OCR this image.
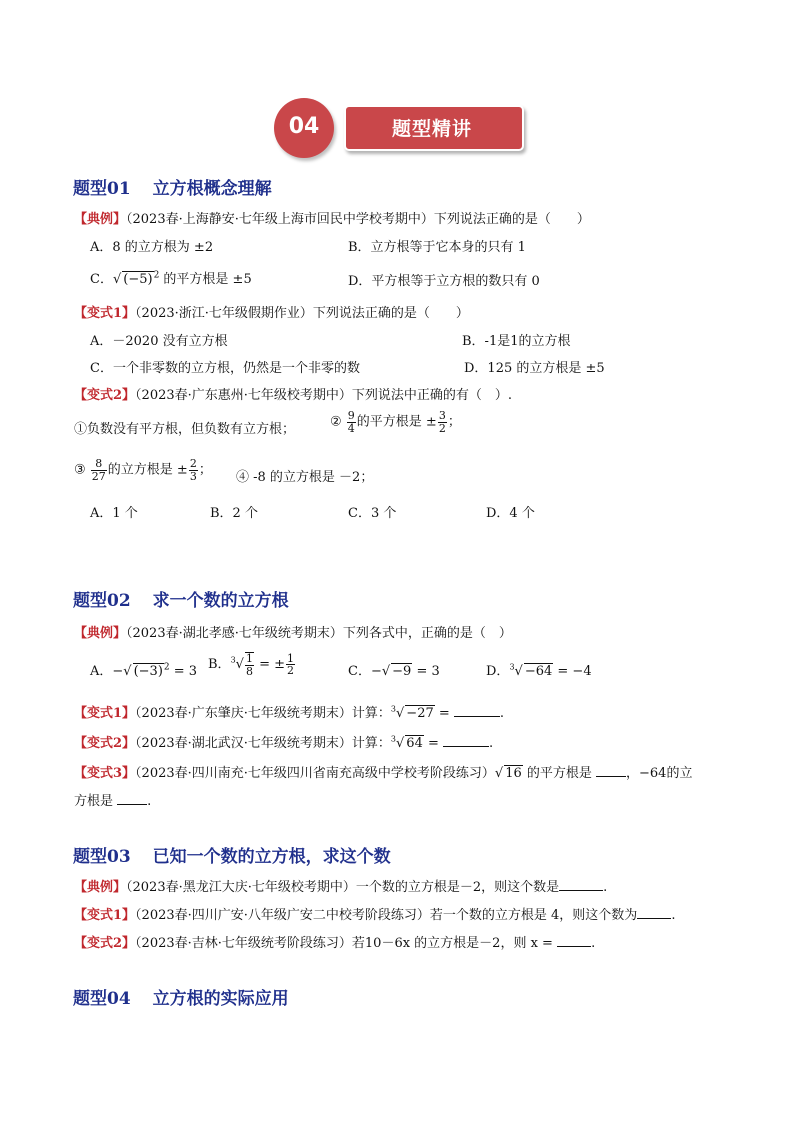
04	题型精讲
题型01 立方根概念理解
【典例】（2023春·上海静安·七年级上海市回民中学校考期中）下列说法正确的是（　　）
A．8 的立方根为 ±2	B．立方根等于它本身的只有 1
C．√ $(-5)^2$ 的平方根是 ±5	D．平方根等于立方根的数只有 0
【变式1】（2023·浙江·七年级假期作业）下列说法正确的是（　　）
A．－2020 没有立方根	B．-1是1的立方根
C．一个非零数的立方根，仍然是一个非零的数	D．125 的立方根是 ±5
【变式2】（2023春·广东惠州·七年级校考期中）下列说法中正确的有（　）.
①负数没有平方根，但负数有立方根；	② $\frac{9}{4}$ 的平方根是 ± $\frac{3}{2}$ ；
③ $\frac{8}{27}$ 的立方根是 ± $\frac{2}{3}$ ； ④ -8 的立方根是 －2；
A．1 个	B．2 个	C．3 个	D．4 个
题型02 求一个数的立方根
【典例】（2023春·湖北孝感·七年级统考期末）下列各式中，正确的是（　）
A．−√ $(-3)^2 = 3$ B．$^3√ \frac{1}{8}$ = ± $\frac{1}{2}$	C．−√ −9 = 3	D．$^3$√ −64 = −4
【变式1】（2023春·广东肇庆·七年级统考期末）计算：$^3$√ −27 =	.
【变式2】（2023春·湖北武汉·七年级统考期末）计算：$^3$√ 64 =	.
【变式3】（2023春·四川南充·七年级四川省南充高级中学校考阶段练习）√ 16 的平方根是 ，−64的立
方根是 .
题型03 已知一个数的立方根，求这个数
【典例】（2023春·黑龙江大庆·七年级校考期中）一个数的立方根是－2，则这个数是	.
【变式1】（2023春·四川广安·八年级广安二中校考阶段练习）若一个数的立方根是 4，则这个数为	.
【变式2】（2023春·吉林·七年级统考阶段练习）若10－6x 的立方根是－2，则 x =	.
题型04 立方根的实际应用
